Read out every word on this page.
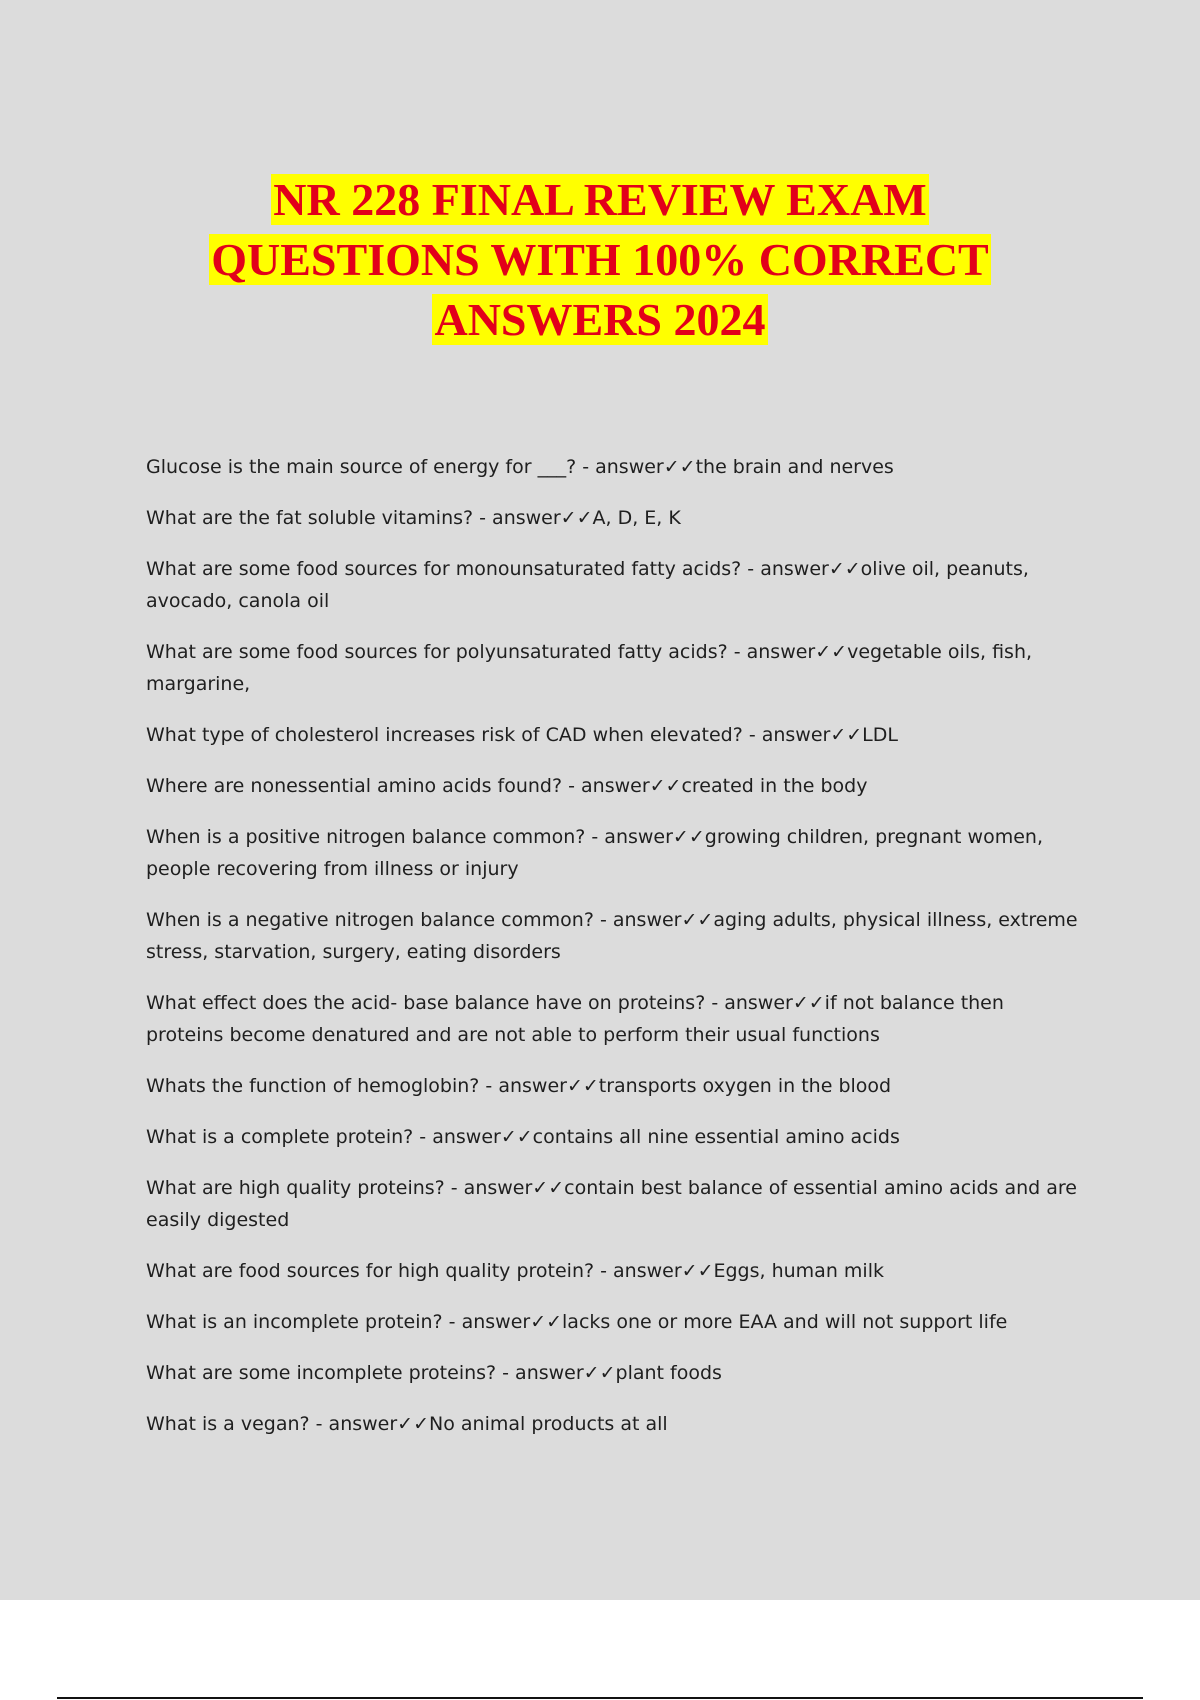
NR 228 FINAL REVIEW EXAM
QUESTIONS WITH 100% CORRECT
ANSWERS 2024

Glucose is the main source of energy for ___? - answer✓✓the brain and nerves

What are the fat soluble vitamins? - answer✓✓A, D, E, K

What are some food sources for monounsaturated fatty acids? - answer✓✓olive oil, peanuts, avocado, canola oil

What are some food sources for polyunsaturated fatty acids? - answer✓✓vegetable oils, fish, margarine,

What type of cholesterol increases risk of CAD when elevated? - answer✓✓LDL

Where are nonessential amino acids found? - answer✓✓created in the body

When is a positive nitrogen balance common? - answer✓✓growing children, pregnant women, people recovering from illness or injury

When is a negative nitrogen balance common? - answer✓✓aging adults, physical illness, extreme stress, starvation, surgery, eating disorders

What effect does the acid- base balance have on proteins? - answer✓✓if not balance then proteins become denatured and are not able to perform their usual functions

Whats the function of hemoglobin? - answer✓✓transports oxygen in the blood

What is a complete protein? - answer✓✓contains all nine essential amino acids

What are high quality proteins? - answer✓✓contain best balance of essential amino acids and are easily digested

What are food sources for high quality protein? - answer✓✓Eggs, human milk

What is an incomplete protein? - answer✓✓lacks one or more EAA and will not support life

What are some incomplete proteins? - answer✓✓plant foods

What is a vegan? - answer✓✓No animal products at all
